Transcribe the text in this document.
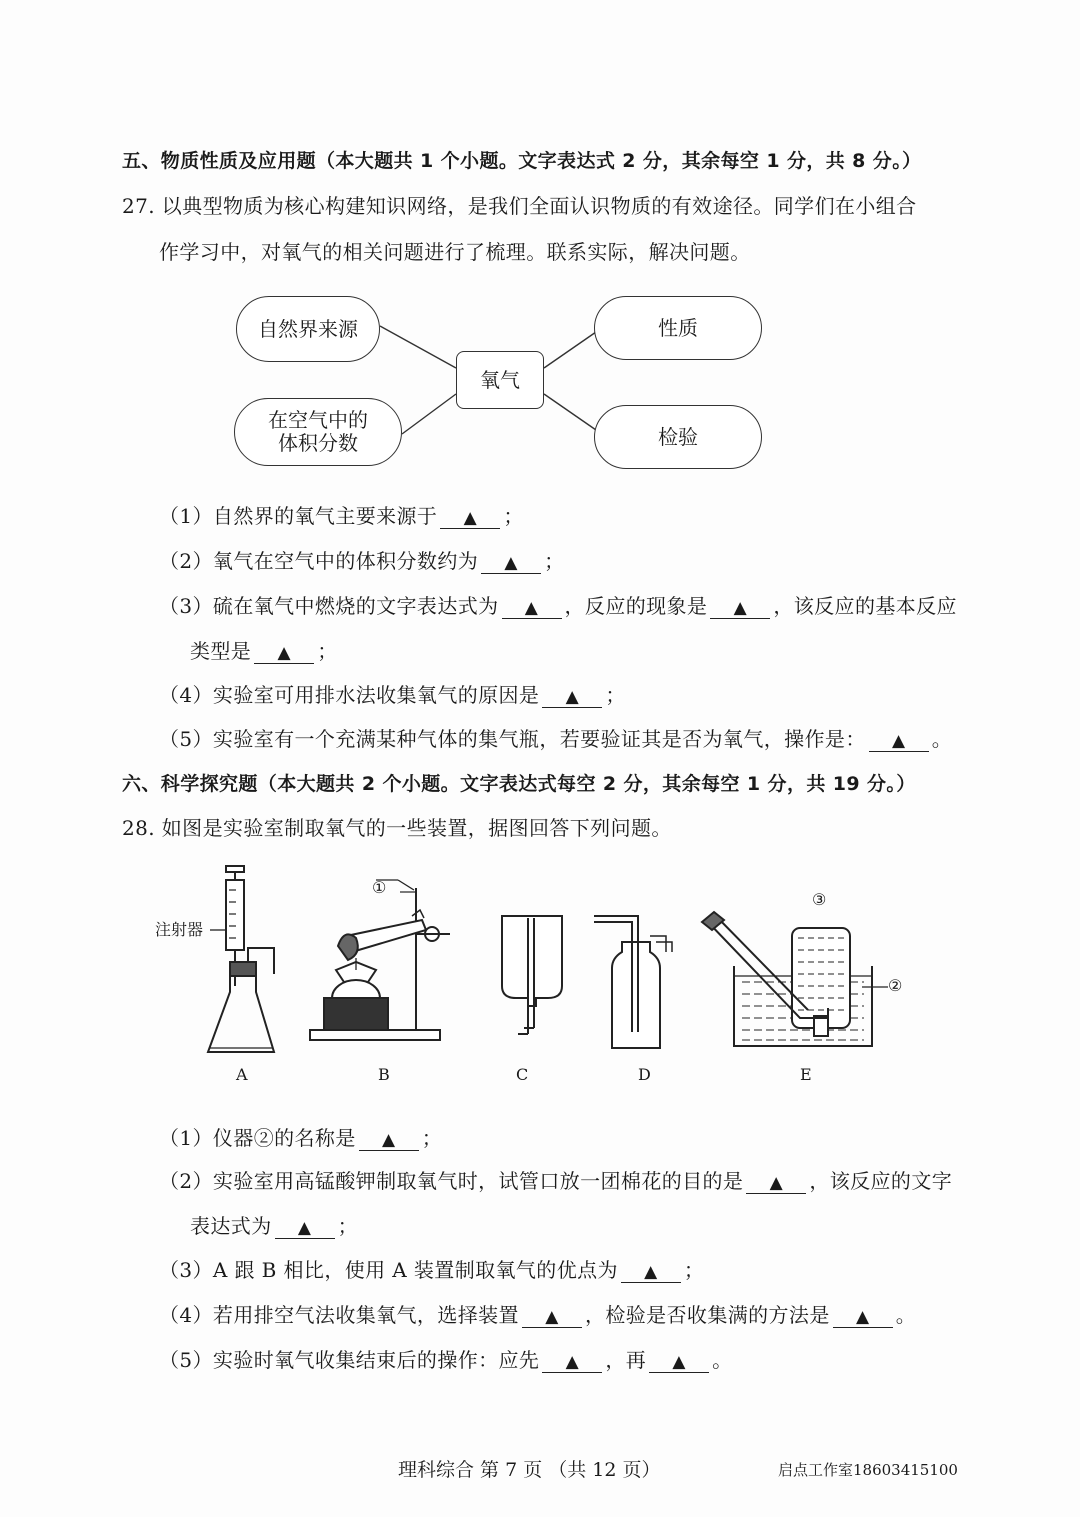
五、物质性质及应用题（本大题共 1 个小题。文字表达式 2 分，其余每空 1 分，共 8 分。）
27. 以典型物质为核心构建知识网络，是我们全面认识物质的有效途径。同学们在小组合
作学习中，对氧气的相关问题进行了梳理。联系实际，解决问题。
自然界来源
在空气中的
体积分数
氧气
性质
检验
（1）自然界的氧气主要来源于 ▲ ；
（2）氧气在空气中的体积分数约为 ▲ ；
（3）硫在氧气中燃烧的文字表达式为 ▲ ，反应的现象是 ▲ ，该反应的基本反应
类型是 ▲ ；
（4）实验室可用排水法收集氧气的原因是 ▲ ；
（5）实验室有一个充满某种气体的集气瓶，若要验证其是否为氧气，操作是： ▲ 。
六、科学探究题（本大题共 2 个小题。文字表达式每空 2 分，其余每空 1 分，共 19 分。）
28. 如图是实验室制取氧气的一些装置，据图回答下列问题。
注射器
①
②
③
A	B	C	D	E
（1）仪器②的名称是 ▲ ；
（2）实验室用高锰酸钾制取氧气时，试管口放一团棉花的目的是 ▲ ，该反应的文字
表达式为 ▲ ；
（3）A 跟 B 相比，使用 A 装置制取氧气的优点为 ▲ ；
（4）若用排空气法收集氧气，选择装置 ▲ ，检验是否收集满的方法是 ▲ 。
（5）实验时氧气收集结束后的操作：应先 ▲ ，再 ▲ 。
理科综合 第 7 页 （共 12 页）	启点工作室18603415100
